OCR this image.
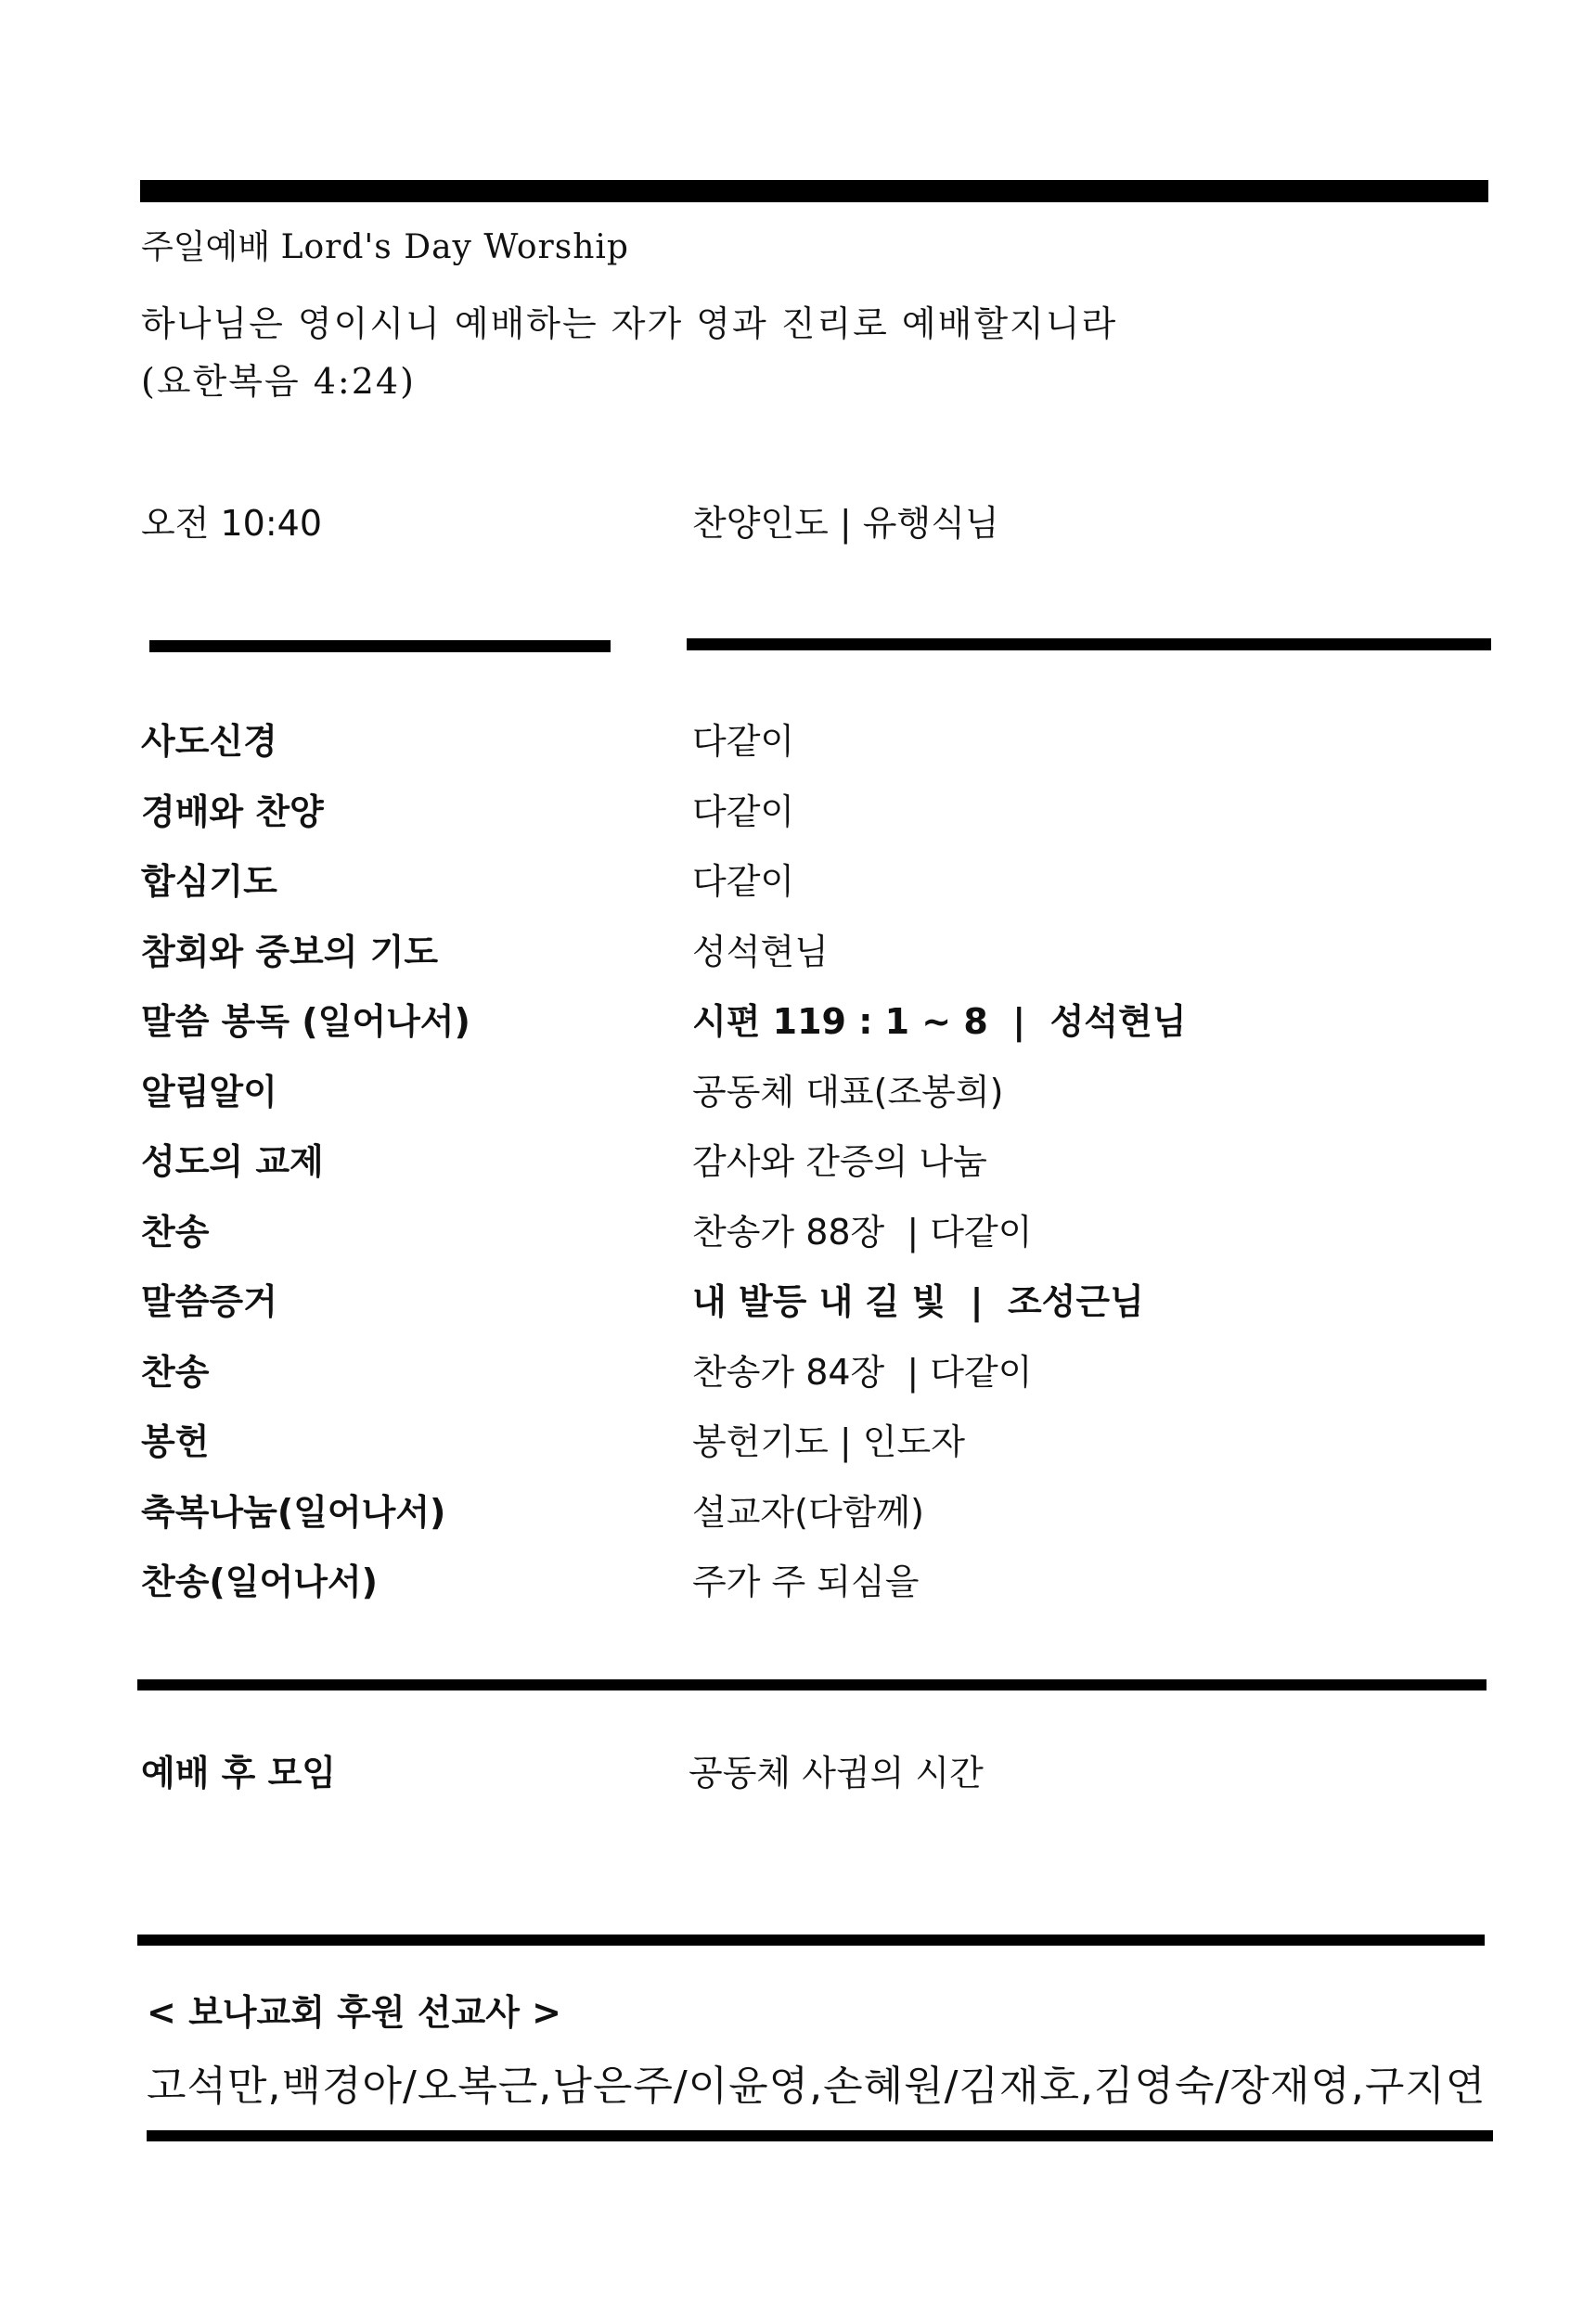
주일예배 Lord's Day Worship
하나님은 영이시니 예배하는 자가 영과 진리로 예배할지니라
(요한복음 4:24)
오전 10:40	찬양인도 | 유행식님
사도신경	다같이
경배와 찬양	다같이
합심기도	다같이
참회와 중보의 기도	성석현님
말씀 봉독 (일어나서)	시편 119 : 1 ~ 8  |  성석현님
알림알이	공동체 대표(조봉희)
성도의 교제	감사와 간증의 나눔
찬송	찬송가 88장  | 다같이
말씀증거	내 발등 내 길 빛  |  조성근님
찬송	찬송가 84장  | 다같이
봉헌	봉헌기도 | 인도자
축복나눔(일어나서)	설교자(다함께)
찬송(일어나서)	주가 주 되심을
예배 후 모임	공동체 사귐의 시간
< 보나교회 후원 선교사 >
고석만,백경아/오복근,남은주/이윤영,손혜원/김재호,김영숙/장재영,구지연
